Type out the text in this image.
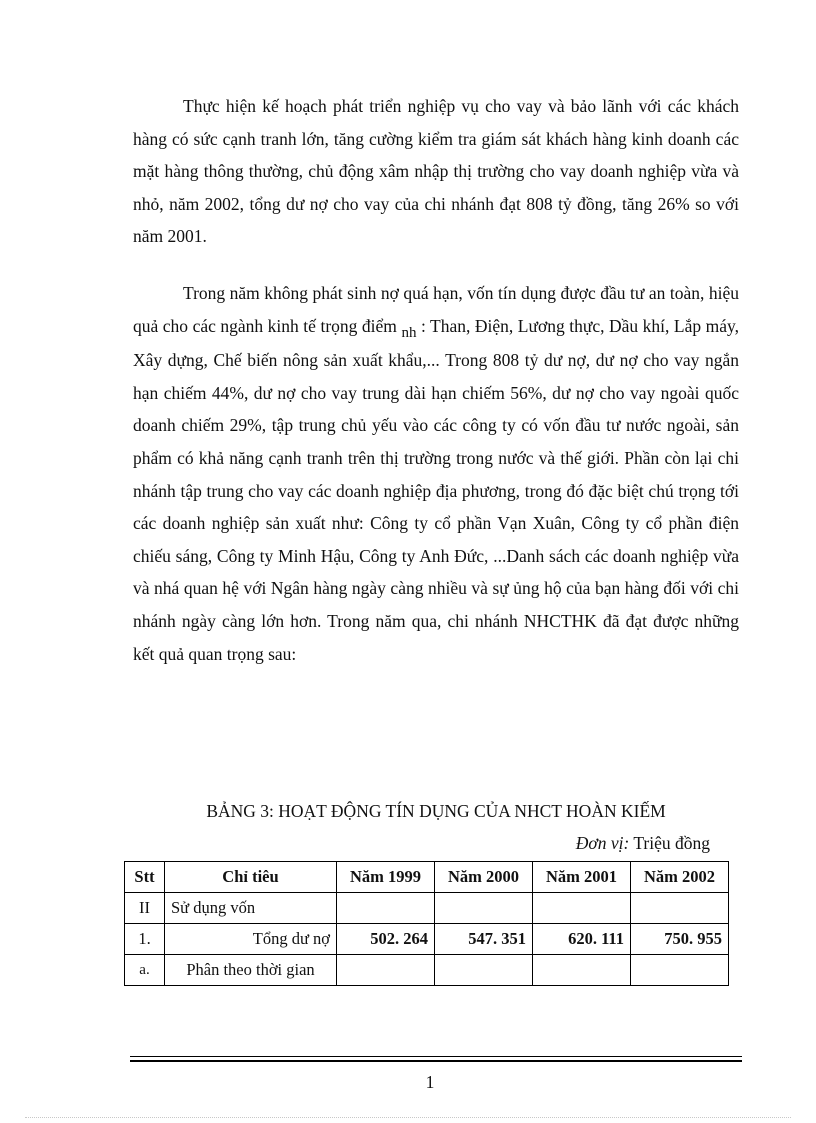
Thực hiện kế hoạch phát triển nghiệp vụ cho vay và bảo lãnh với các khách hàng có sức cạnh tranh lớn, tăng cường kiểm tra giám sát khách hàng kinh doanh các mặt hàng thông thường, chủ động xâm nhập thị trường cho vay doanh nghiệp vừa và nhỏ, năm 2002, tổng dư nợ cho vay của chi nhánh đạt 808 tỷ đồng, tăng 26% so với năm 2001.

Trong năm không phát sinh nợ quá hạn, vốn tín dụng được đầu tư an toàn, hiệu quả cho các ngành kinh tế trọng điểm nh : Than, Điện, Lương thực, Dầu khí, Lắp máy, Xây dựng, Chế biến nông sản xuất khẩu,... Trong 808 tỷ dư nợ, dư nợ cho vay ngắn hạn chiếm 44%, dư nợ cho vay trung dài hạn chiếm 56%, dư nợ cho vay ngoài quốc doanh chiếm 29%, tập trung chủ yếu vào các công ty có vốn đầu tư nước ngoài, sản phẩm có khả năng cạnh tranh trên thị trường trong nước và thế giới. Phần còn lại chi nhánh tập trung cho vay các doanh nghiệp địa phương, trong đó đặc biệt chú trọng tới các doanh nghiệp sản xuất như: Công ty cổ phần Vạn Xuân, Công ty cổ phần điện chiếu sáng, Công ty Minh Hậu, Công ty Anh Đức, ...Danh sách các doanh nghiệp vừa và nhá quan hệ với Ngân hàng ngày càng nhiều và sự ủng hộ của bạn hàng đối với chi nhánh ngày càng lớn hơn. Trong năm qua, chi nhánh NHCTHK đã đạt được những kết quả quan trọng sau:

BẢNG 3: HOẠT ĐỘNG TÍN DỤNG CỦA NHCT HOÀN KIẾM
Đơn vị: Triệu đồng
Stt	Chỉ tiêu	Năm 1999	Năm 2000	Năm 2001	Năm 2002
II	Sử dụng vốn				
1.	Tổng dư nợ	502. 264	547. 351	620. 111	750. 955
a.	Phân theo thời gian				
1
